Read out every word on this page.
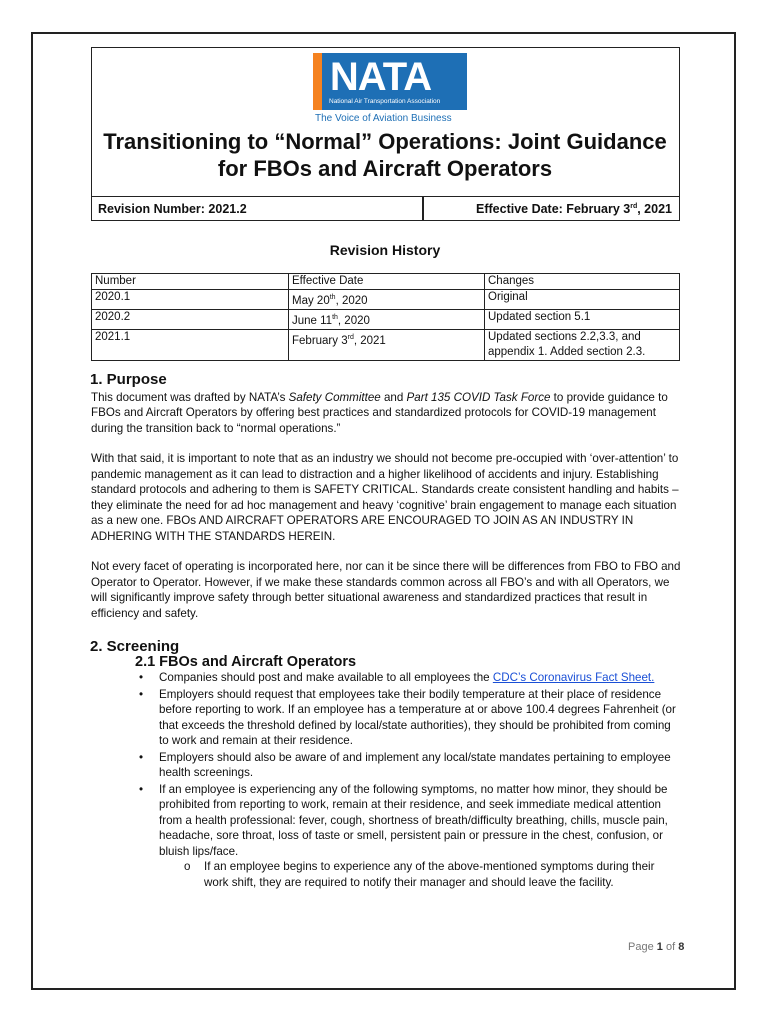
NATA
National Air Transportation Association
The Voice of Aviation Business
Transitioning to “Normal” Operations: Joint Guidance for FBOs and Aircraft Operators
Revision Number: 2021.2	Effective Date: February 3rd, 2021
Revision History
Number	Effective Date	Changes
2020.1	May 20th, 2020	Original
2020.2	June 11th, 2020	Updated section 5.1
2021.1	February 3rd, 2021	Updated sections 2.2,3.3, and appendix 1. Added section 2.3.
1. Purpose

This document was drafted by NATA’s Safety Committee and Part 135 COVID Task Force to provide guidance to FBOs and Aircraft Operators by offering best practices and standardized protocols for COVID-19 management during the transition back to “normal operations.”

With that said, it is important to note that as an industry we should not become pre-occupied with ‘over-attention’ to pandemic management as it can lead to distraction and a higher likelihood of accidents and injury. Establishing standard protocols and adhering to them is SAFETY CRITICAL. Standards create consistent handling and habits – they eliminate the need for ad hoc management and heavy ‘cognitive’ brain engagement to manage each situation as a new one. FBOs AND AIRCRAFT OPERATORS ARE ENCOURAGED TO JOIN AS AN INDUSTRY IN ADHERING WITH THE STANDARDS HEREIN.

Not every facet of operating is incorporated here, nor can it be since there will be differences from FBO to FBO and Operator to Operator. However, if we make these standards common across all FBO’s and with all Operators, we will significantly improve safety through better situational awareness and standardized practices that result in efficiency and safety.

2. Screening
2.1 FBOs and Aircraft Operators
• Companies should post and make available to all employees the CDC’s Coronavirus Fact Sheet.
• Employers should request that employees take their bodily temperature at their place of residence before reporting to work. If an employee has a temperature at or above 100.4 degrees Fahrenheit (or that exceeds the threshold defined by local/state authorities), they should be prohibited from coming to work and remain at their residence.
• Employers should also be aware of and implement any local/state mandates pertaining to employee health screenings.
• If an employee is experiencing any of the following symptoms, no matter how minor, they should be prohibited from reporting to work, remain at their residence, and seek immediate medical attention from a health professional: fever, cough, shortness of breath/difficulty breathing, chills, muscle pain, headache, sore throat, loss of taste or smell, persistent pain or pressure in the chest, confusion, or bluish lips/face.
o If an employee begins to experience any of the above-mentioned symptoms during their work shift, they are required to notify their manager and should leave the facility.
Page 1 of 8
